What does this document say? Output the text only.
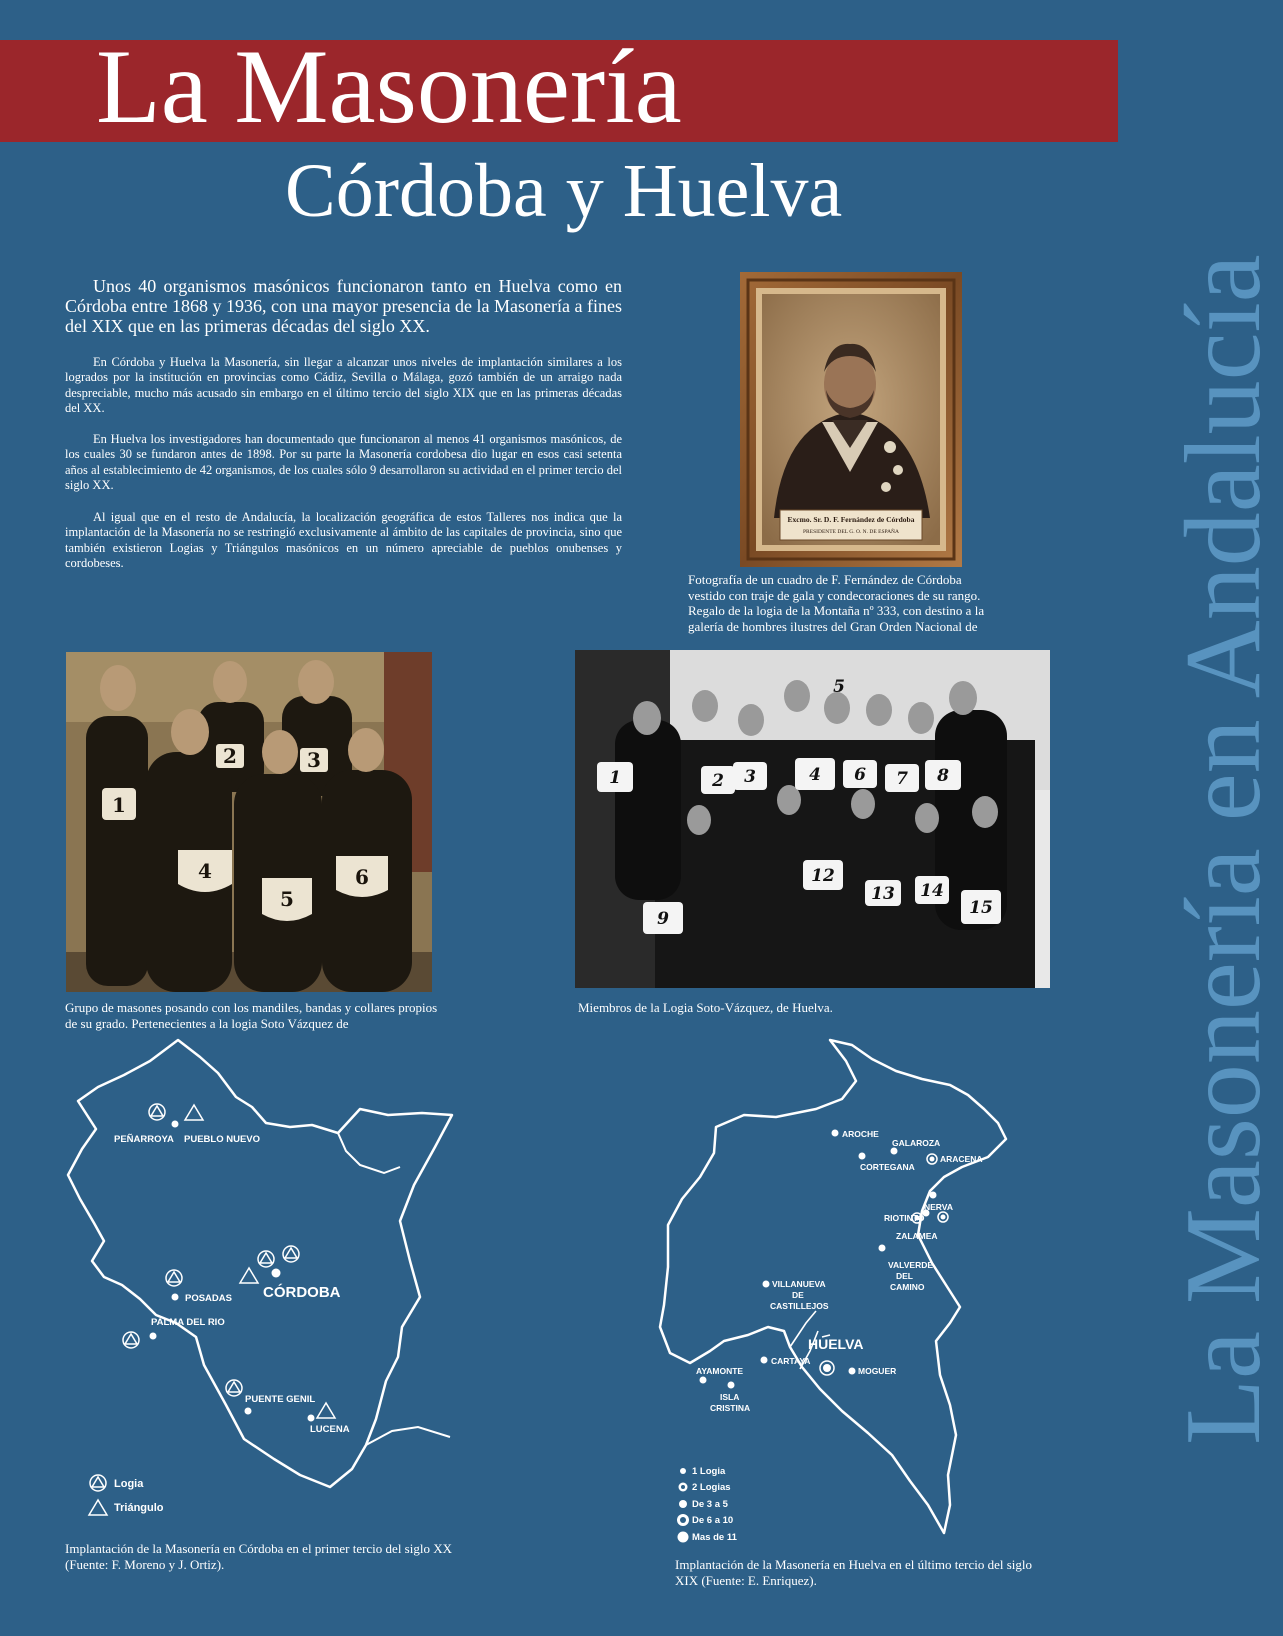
La Masonería
Córdoba y Huelva
La Masonería en Andalucía

Unos 40 organismos masónicos funcionaron tanto en Huelva como en Córdoba entre 1868 y 1936, con una mayor presencia de la Masonería a fines del XIX que en las primeras décadas del siglo XX.

En Córdoba y Huelva la Masonería, sin llegar a alcanzar unos niveles de implantación similares a los logrados por la institución en provincias como Cádiz, Sevilla o Málaga, gozó también de un arraigo nada despreciable, mucho más acusado sin embargo en el último tercio del siglo XIX que en las primeras décadas del XX.

En Huelva los investigadores han documentado que funcionaron al menos 41 organismos masónicos, de los cuales 30 se fundaron antes de 1898. Por su parte la Masonería cordobesa dio lugar en esos casi setenta años al establecimiento de 42 organismos, de los cuales sólo 9 desarrollaron su actividad en el primer tercio del siglo XX.

Al igual que en el resto de Andalucía, la localización geográfica de estos Talleres nos indica que la implantación de la Masonería no se restringió exclusivamente al ámbito de las capitales de provincia, sino que también existieron Logias y Triángulos masónicos en un número apreciable de pueblos onubenses y cordobeses.

Excmo. Sr. D. F. Fernández de Córdoba
PRESIDENTE DEL G. O. N. DE ESPAÑA

Fotografía de un cuadro de F. Fernández de Córdoba vestido con traje de gala y condecoraciones de su rango. Regalo de la logia de la Montaña nº 333, con destino a la galería de hombres ilustres del Gran Orden Nacional de

1
2	3
4
5
6

Grupo de masones posando con los mandiles, bandas y collares propios de su grado. Pertenecientes a la logia Soto Vázquez de

1	2 3	4
5
6 7 8
12
13 14
15
9

Miembros de la Logia Soto-Vázquez, de Huelva.

PEÑARROYA PUEBLO NUEVO
CÓRDOBA
POSADAS
PALMA DEL RIO
PUENTE GENIL
LUCENA
Logia
Triángulo

Implantación de la Masonería en Córdoba en el primer tercio del siglo XX (Fuente: F. Moreno y J. Ortiz).

AROCHE
GALAROZA
ARACENA
CORTEGANA
NERVA
RIOTINTO
ZALAMEA
VALVERDE
DEL
CAMINO
VILLANUEVA
DE
CASTILLEJOS
HUELVA
CARTAYA
AYAMONTE	MOGUER
ISLA
CRISTINA
1 Logia
2 Logias
De 3 a 5
De 6 a 10
Mas de 11

Implantación de la Masonería en Huelva en el último tercio del siglo XIX (Fuente: E. Enriquez).
